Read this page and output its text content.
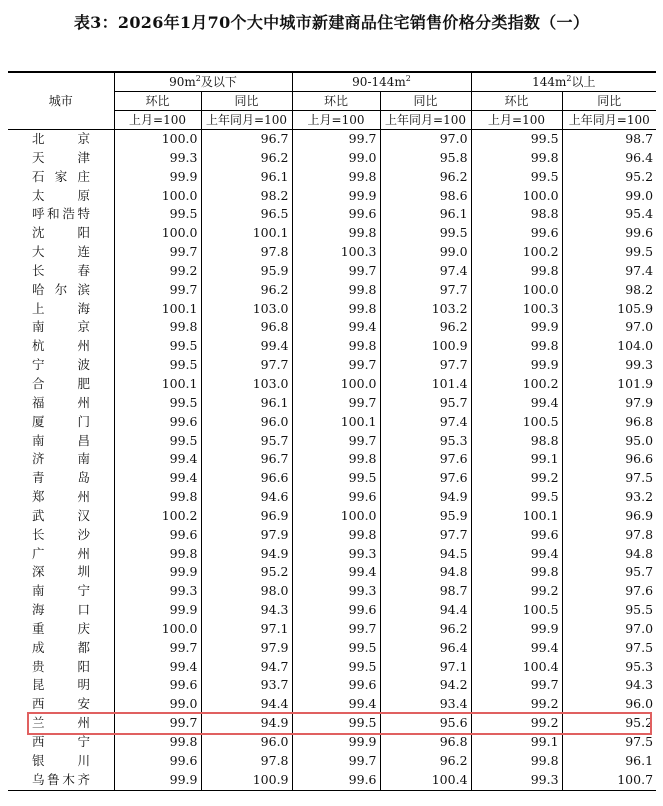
表3：2026年1月70个大中城市新建商品住宅销售价格分类指数（一）
城市	$90m^2$及以下		$90-144m^2$		$144m^2$以上	
	环比	同比	环比	同比	环比	同比
	上月=100	上年同月=100	上月=100	上年同月=100	上月=100	上年同月=100
北京	100.0	96.7	99.7	97.0	99.5	98.7
天津	99.3	96.2	99.0	95.8	99.8	96.4
石家庄	99.9	96.1	99.8	96.2	99.5	95.2
太原	100.0	98.2	99.9	98.6	100.0	99.0
呼和浩特	99.5	96.5	99.6	96.1	98.8	95.4
沈阳	100.0	100.1	99.8	99.5	99.6	99.6
大连	99.7	97.8	100.3	99.0	100.2	99.5
长春	99.2	95.9	99.7	97.4	99.8	97.4
哈尔滨	99.7	96.2	99.8	97.7	100.0	98.2
上海	100.1	103.0	99.8	103.2	100.3	105.9
南京	99.8	96.8	99.4	96.2	99.9	97.0
杭州	99.5	99.4	99.8	100.9	99.8	104.0
宁波	99.5	97.7	99.7	97.7	99.9	99.3
合肥	100.1	103.0	100.0	101.4	100.2	101.9
福州	99.5	96.1	99.7	95.7	99.4	97.9
厦门	99.6	96.0	100.1	97.4	100.5	96.8
南昌	99.5	95.7	99.7	95.3	98.8	95.0
济南	99.4	96.7	99.8	97.6	99.1	96.6
青岛	99.4	96.6	99.5	97.6	99.2	97.5
郑州	99.8	94.6	99.6	94.9	99.5	93.2
武汉	100.2	96.9	100.0	95.9	100.1	96.9
长沙	99.6	97.9	99.8	97.7	99.6	97.8
广州	99.8	94.9	99.3	94.5	99.4	94.8
深圳	99.9	95.2	99.4	94.8	99.8	95.7
南宁	99.3	98.0	99.3	98.7	99.2	97.6
海口	99.9	94.3	99.6	94.4	100.5	95.5
重庆	100.0	97.1	99.7	96.2	99.9	97.0
成都	99.7	97.9	99.5	96.4	99.4	97.5
贵阳	99.4	94.7	99.5	97.1	100.4	95.3
昆明	99.6	93.7	99.6	94.2	99.7	94.3
西安	99.0	94.4	99.4	93.4	99.2	96.0
兰州	99.7	94.9	99.5	95.6	99.2	95.2
西宁	99.8	96.0	99.9	96.8	99.1	97.5
银川	99.6	97.8	99.7	96.2	99.8	96.1
乌鲁木齐	99.9	100.9	99.6	100.4	99.3	100.7
